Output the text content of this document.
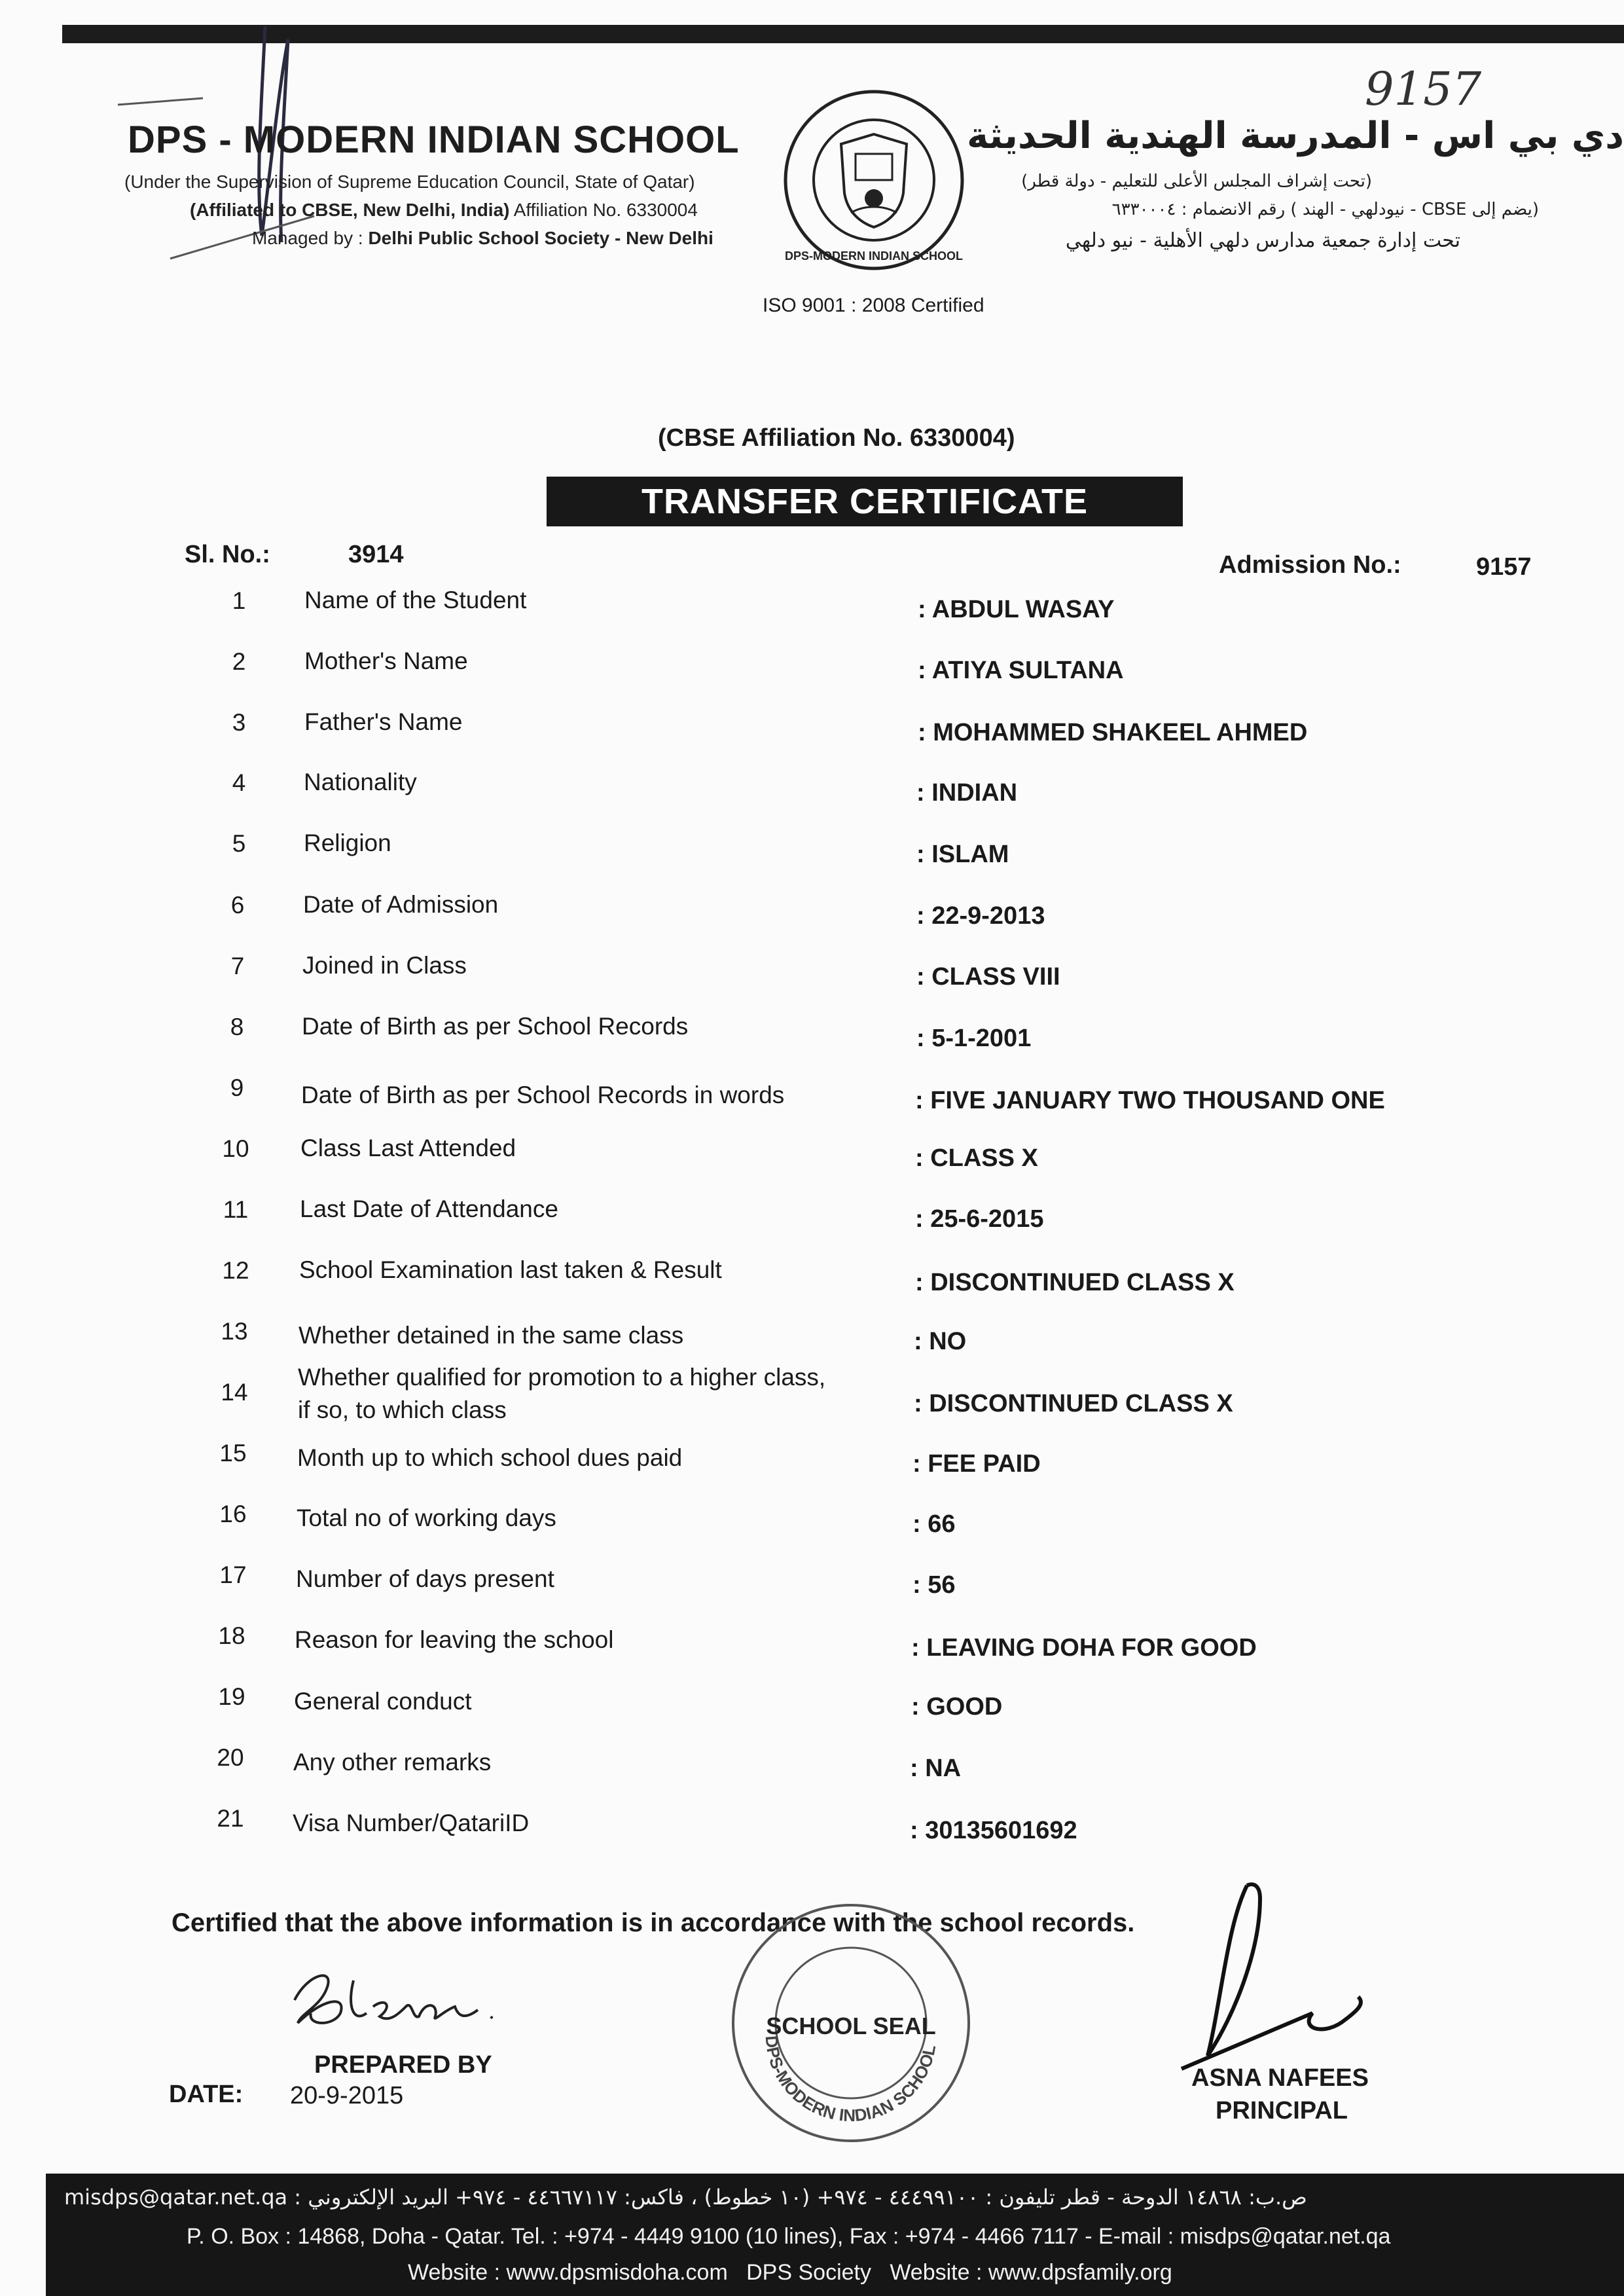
DPS - MODERN INDIAN SCHOOL
(Under the Supervision of Supreme Education Council, State of Qatar)
(Affiliated to CBSE, New Delhi, India) Affiliation No. 6330004
Managed by : Delhi Public School Society - New Delhi
DPS-MODERN INDIAN SCHOOL
ISO 9001 : 2008 Certified
9157
دي بي اس - المدرسة الهندية الحديثة
(تحت إشراف المجلس الأعلى للتعليم - دولة قطر)
(يضم إلى CBSE - نيودلهي - الهند ) رقم الانضمام : ٦٣٣٠٠٠٤
تحت إدارة جمعية مدارس دلهي الأهلية - نيو دلهي
(CBSE Affiliation No. 6330004)
TRANSFER CERTIFICATE
Sl. No.:	3914	Admission No.:	9157
1	Name of the Student	: ABDUL WASAY
2	Mother's Name	: ATIYA SULTANA
3	Father's Name	: MOHAMMED SHAKEEL AHMED
4	Nationality	: INDIAN
5	Religion	: ISLAM
6	Date of Admission	: 22-9-2013
7	Joined in Class	: CLASS VIII
8	Date of Birth as per School Records	: 5-1-2001
9	Date of Birth as per School Records in words	: FIVE JANUARY TWO THOUSAND ONE
10	Class Last Attended	: CLASS X
11	Last Date of Attendance	: 25-6-2015
12	School Examination last taken & Result	: DISCONTINUED CLASS X
13	Whether detained in the same class	: NO
14
Whether qualified for promotion to a higher class,
if so, to which class	: DISCONTINUED CLASS X
15	Month up to which school dues paid	: FEE PAID
16	Total no of working days	: 66
17	Number of days present	: 56
18	Reason for leaving the school	: LEAVING DOHA FOR GOOD
19	General conduct	: GOOD
20	Any other remarks	: NA
21	Visa Number/QatariID	: 30135601692
Certified that the above information is in accordance with the school records.
PREPARED BY
DATE: 20-9-2015
DPS-MODERN INDIAN SCHOOL
SCHOOL SEAL
ASNA NAFEES
PRINCIPAL
misdps@qatar.net.qa : ص.ب: ١٤٨٦٨ الدوحة - قطر تليفون : ٤٤٤٩٩١٠٠ - ٩٧٤+ (١٠ خطوط) ، فاكس: ٤٤٦٦٧١١٧ - ٩٧٤+ البريد الإلكتروني
P. O. Box : 14868, Doha - Qatar. Tel. : +974 - 4449 9100 (10 lines), Fax : +974 - 4466 7117 - E-mail : misdps@qatar.net.qa
Website : www.dpsmisdoha.com   DPS Society   Website : www.dpsfamily.org
